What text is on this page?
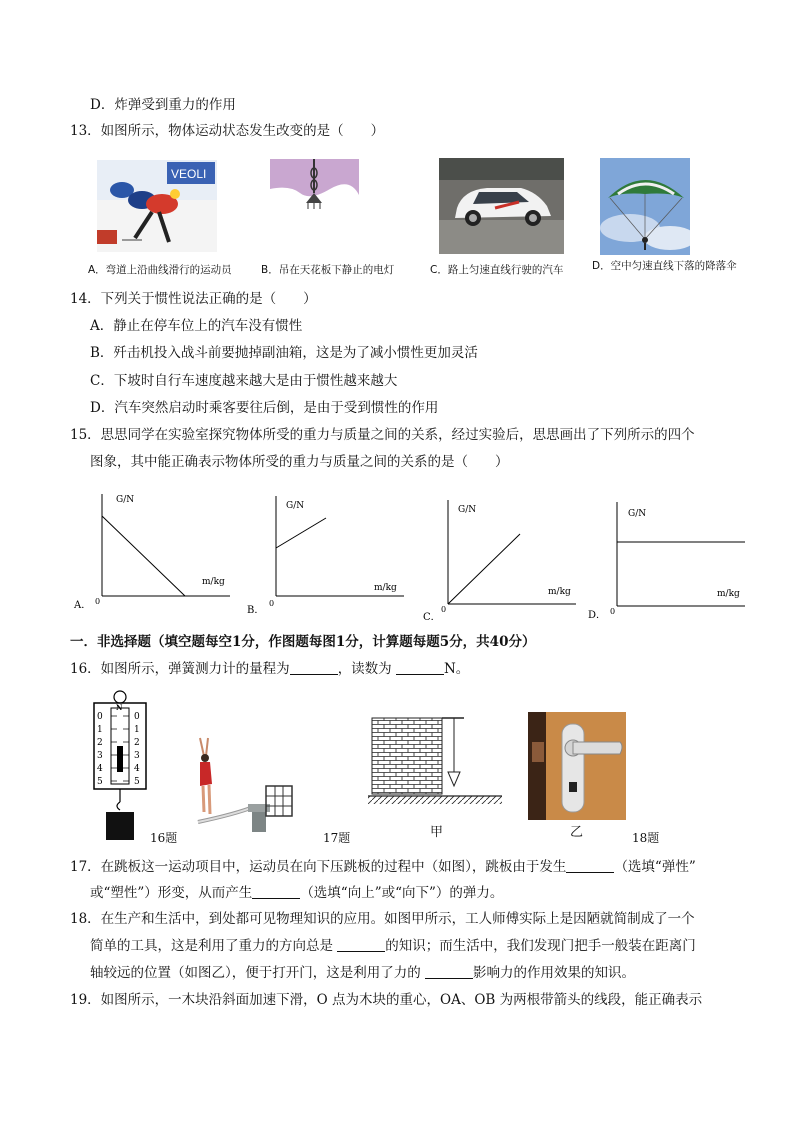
D．炸弹受到重力的作用
13．如图所示，物体运动状态发生改变的是（　　）
VEOLI
A．弯道上沿曲线滑行的运动员	B．吊在天花板下静止的电灯	C．路上匀速直线行驶的汽车	D．空中匀速直线下落的降落伞
14．下列关于惯性说法正确的是（　　）
A．静止在停车位上的汽车没有惯性
B．歼击机投入战斗前要抛掉副油箱，这是为了减小惯性更加灵活
C．下坡时自行车速度越来越大是由于惯性越来越大
D．汽车突然启动时乘客要往后倒，是由于受到惯性的作用
15．思思同学在实验室探究物体所受的重力与质量之间的关系，经过实验后，思思画出了下列所示的四个
图象，其中能正确表示物体所受的重力与质量之间的关系的是（　　）
G/N
m/kg
0
A．
G/N
m/kg
0
B．
G/N
m/kg
0
C．
G/N
m/kg
0
D．
一．非选择题（填空题每空1分，作图题每图1分，计算题每题5分，共40分）
16．如图所示，弹簧测力计的量程为	，读数为	N。
N
0
1
2
3
4
5
0
1
2
3
4
5
16题	17题	甲	乙	18题
17．在跳板这一运动项目中，运动员在向下压跳板的过程中（如图），跳板由于发生	（选填“弹性”
或“塑性”）形变，从而产生	（选填“向上”或“向下”）的弹力。
18．在生产和生活中，到处都可见物理知识的应用。如图甲所示，工人师傅实际上是因陋就简制成了一个
简单的工具，这是利用了重力的方向总是	的知识；而生活中，我们发现门把手一般装在距离门
轴较远的位置（如图乙），便于打开门，这是利用了力的	影响力的作用效果的知识。
19．如图所示，一木块沿斜面加速下滑，O 点为木块的重心，OA、OB 为两根带箭头的线段，能正确表示
